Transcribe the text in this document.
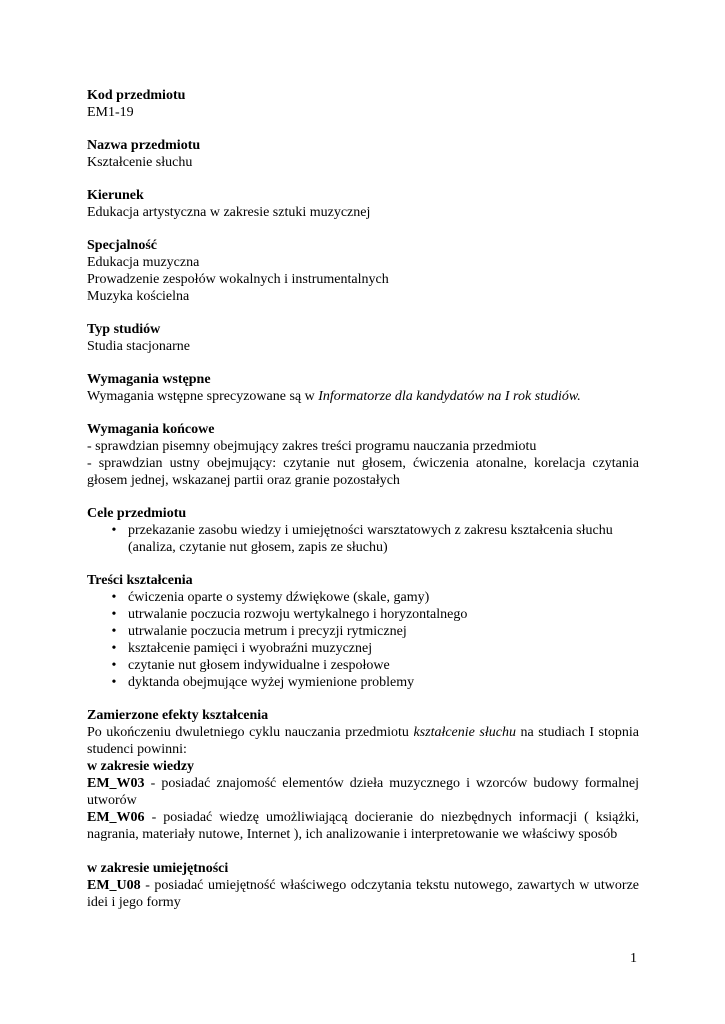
Kod przedmiotu
EM1-19
Nazwa przedmiotu
Kształcenie słuchu
Kierunek
Edukacja artystyczna w zakresie sztuki muzycznej
Specjalność
Edukacja muzyczna
Prowadzenie zespołów wokalnych i instrumentalnych
Muzyka kościelna
Typ studiów
Studia stacjonarne
Wymagania wstępne
Wymagania wstępne sprecyzowane są w Informatorze dla kandydatów na I rok studiów.
Wymagania końcowe
- sprawdzian pisemny obejmujący zakres treści programu nauczania przedmiotu
- sprawdzian ustny obejmujący: czytanie nut głosem, ćwiczenia atonalne, korelacja czytania głosem jednej, wskazanej partii oraz granie pozostałych
Cele przedmiotu
• przekazanie zasobu wiedzy i umiejętności warsztatowych z zakresu kształcenia słuchu (analiza, czytanie nut głosem, zapis ze słuchu)
Treści kształcenia
• ćwiczenia oparte o systemy dźwiękowe (skale, gamy)
• utrwalanie poczucia rozwoju wertykalnego i horyzontalnego
• utrwalanie poczucia metrum i precyzji rytmicznej
• kształcenie pamięci i wyobraźni muzycznej
• czytanie nut głosem indywidualne i zespołowe
• dyktanda obejmujące wyżej wymienione problemy
Zamierzone efekty kształcenia
Po ukończeniu dwuletniego cyklu nauczania przedmiotu kształcenie słuchu na studiach I stopnia studenci powinni:
w zakresie wiedzy
EM_W03 - posiadać znajomość elementów dzieła muzycznego i wzorców budowy formalnej utworów
EM_W06 - posiadać wiedzę umożliwiającą docieranie do niezbędnych informacji ( książki, nagrania, materiały nutowe, Internet ), ich analizowanie i interpretowanie we właściwy sposób
w zakresie umiejętności
EM_U08 - posiadać umiejętność właściwego odczytania tekstu nutowego, zawartych w utworze idei i jego formy
1
